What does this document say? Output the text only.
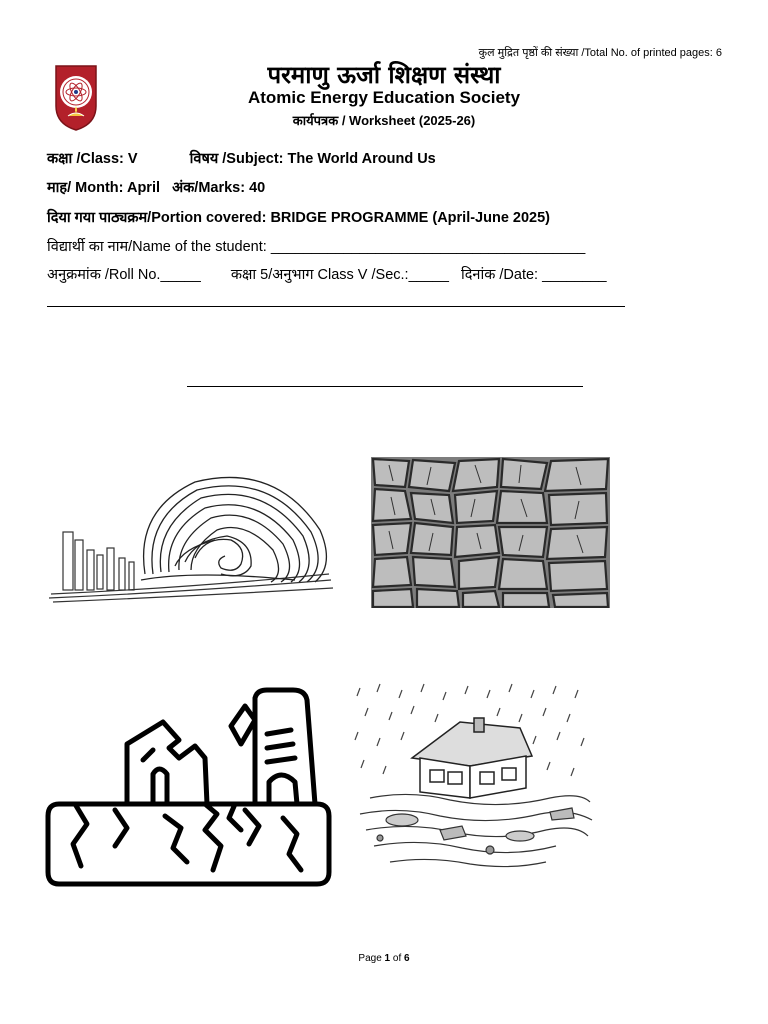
कुल मुद्रित पृष्ठों की संख्या /Total No. of printed pages: 6
परमाणु ऊर्जा शिक्षण संस्था
Atomic Energy Education Society
कार्यपत्रक / Worksheet (2025-26)
कक्षा /Class: V	विषय /Subject: The World Around Us
माह/ Month: April अंक/Marks: 40
दिया गया पाठ्यक्रम/Portion covered: BRIDGE PROGRAMME (April-June 2025)
विद्यार्थी का नाम/Name of the student: _______________________________________
अनुक्रमांक /Roll No._____ कक्षा 5/अनुभाग Class V /Sec.:_____ दिनांक /Date: ________
Page 1 of 6
